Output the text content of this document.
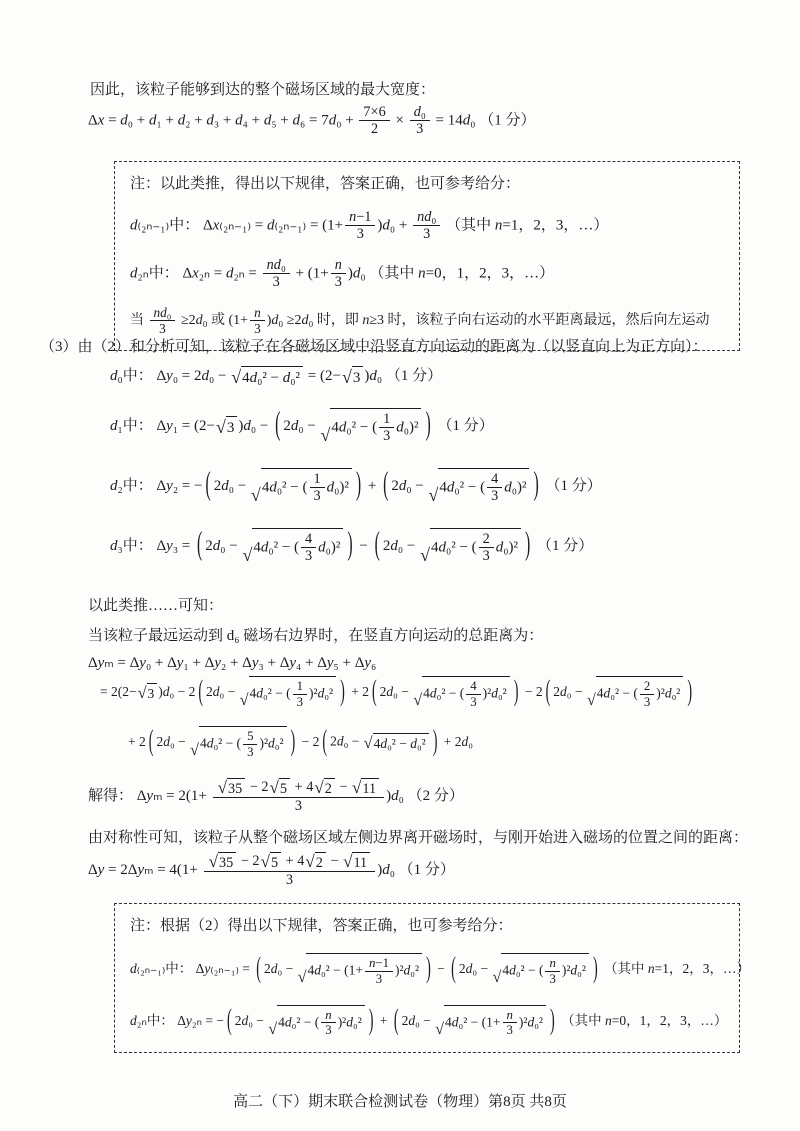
因此，该粒子能够到达的整个磁场区域的最大宽度：
$\Delta x = d_0 + d_1 + d_2 + d_3 + d_4 + d_5 + d_6 = 7d_0 + \frac{7\times 6}{2} \times \frac{\text{d₀}}{3} = 14d_0$ （1 分）
注：以此类推，得出以下规律，答案正确，也可参考给分：
d₍₂ₙ₋₁₎中： $\Delta x_{(2n-1)} = d_{(2n-1)} = (1+ \frac{n-1}{3} )d_0 + \frac{\text{nd₀}}{3}$ （其中 n=1，2，3，…）
d₂ₙ中： $\Delta x_{2n} = d_{2n} = \frac{\text{nd₀}}{3} + (1+ \frac{n}{3} )d_0$ （其中 n=0，1，2，3，…）
当 $\frac{\text{nd₀}}{3} \ge 2d_0$ 或 $(1+ \frac{n}{3} )d_0 \ge 2d_0$ 时，即 n≥3 时，该粒子向右运动的水平距离最远，然后向左运动
（3）由（2）和分析可知，该粒子在各磁场区域中沿竖直方向运动的距离为（以竖直向上为正方向）：
d₀中： Δy₀ = 2d₀ − √ 4d₀² − d₀² = (2− √ 3 )d₀ （1 分）
d₁中： Δy₁ = (2− √ 3 )d₀ − ( 2d₀ − √ 4d₀² − ( $\frac{1}{3} d_0)^2$ ) （1 分）
d₂中： Δy₂ = − ( 2d₀ − √ 4d₀² − ( $\frac{1}{3} d_0)^2$ ) + ( 2d₀ − √ 4d₀² − ( $\frac{4}{3} d_0)^2$ ) （1 分）
d₃中： Δy₃ = ( 2d₀ − √ 4d₀² − ( $\frac{4}{3} d_0)^2$ ) − ( 2d₀ − √ 4d₀² − ( $\frac{2}{3} d_0)^2$ ) （1 分）
以此类推……可知：
当该粒子最远运动到 d₆ 磁场右边界时，在竖直方向运动的总距离为：
Δyₘ = Δy₀ + Δy₁ + Δy₂ + Δy₃ + Δy₄ + Δy₅ + Δy₆
= 2(2− √ 3 )d₀ − 2 ( 2d₀ − √ 4d₀² − ( $\frac{1}{3} )^2d_0^2$ ) + 2 ( 2d₀ − √ 4d₀² − ( $\frac{4}{3} )^2d_0^2$ ) − 2 ( 2d₀ − √ 4d₀² − ( $\frac{2}{3} )^2d_0^2$ )
+ 2 ( 2d₀ − √ 4d₀² − ( $\frac{5}{3} )^2d_0^2$ ) − 2 ( 2d₀ − √ 4d₀² − d₀² ) + 2d₀
解得： $\Delta y_m = 2(1+ \frac{√ 35 - 2 √ 5 + 4 √ 2 - √ 11}{3} )d_0$ （2 分）
由对称性可知，该粒子从整个磁场区域左侧边界离开磁场时，与刚开始进入磁场的位置之间的距离：
$\Delta y = 2\Delta y_m = 4(1+ \frac{√ 35 - 2 √ 5 + 4 √ 2 - √ 11}{3} )d_0$ （1 分）
注：根据（2）得出以下规律，答案正确，也可参考给分：
d₍₂ₙ₋₁₎中： Δy₍₂ₙ₋₁₎ = ( 2d₀ − √ $4d_0^2 - (1+ \frac{n-1}{3} )^2d_0^2$ ) − ( 2d₀ − √ 4d₀² − ( $\frac{n}{3} )^2d_0^2$ ) （其中 n=1，2，3，…）
d₂ₙ中： Δy₂ₙ = − ( 2d₀ − √ 4d₀² − ( $\frac{n}{3} )^2d_0^2$ ) + ( 2d₀ − √ $4d_0^2 - (1+ \frac{n}{3} )^2d_0^2$ ) （其中 n=0，1，2，3，…）
高二（下）期末联合检测试卷（物理）第8页 共8页
